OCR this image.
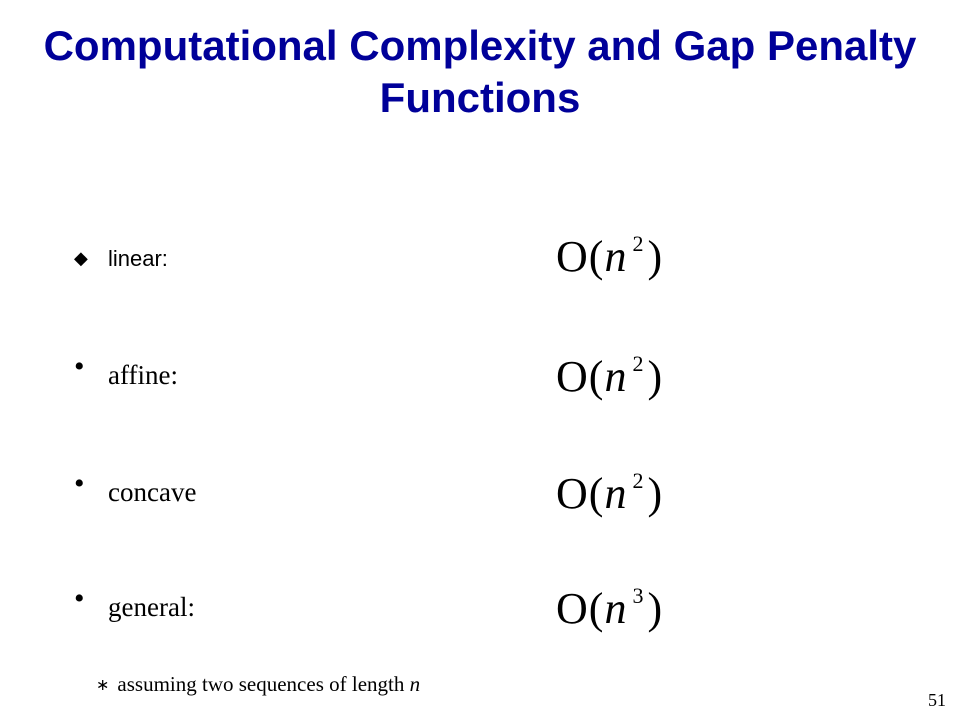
Computational Complexity and Gap Penalty Functions
◆ linear:	O(n $^2$)
• affine:	O(n $^2$)
• concave	O(n $^2$)
• general:	O(n $^3$)
∗ assuming two sequences of length n
51
